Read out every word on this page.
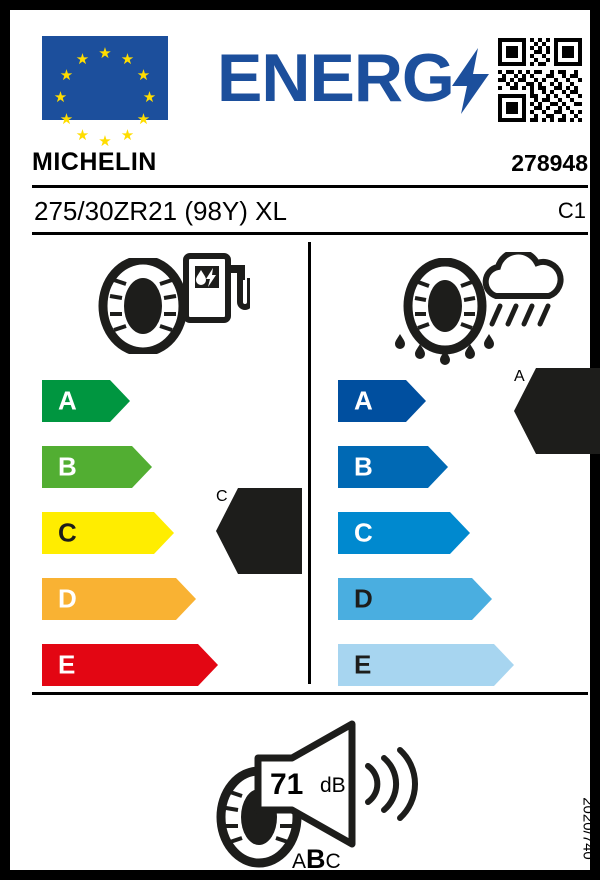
★ ★
★
★
★
★
★
★
★
★
★
★ ENERG
MICHELIN	278948
275/30ZR21 (98Y) XL	C1
A
B
C
D
E
C
A
B
C
D
E
A
71 dB
ABC
2020/740
